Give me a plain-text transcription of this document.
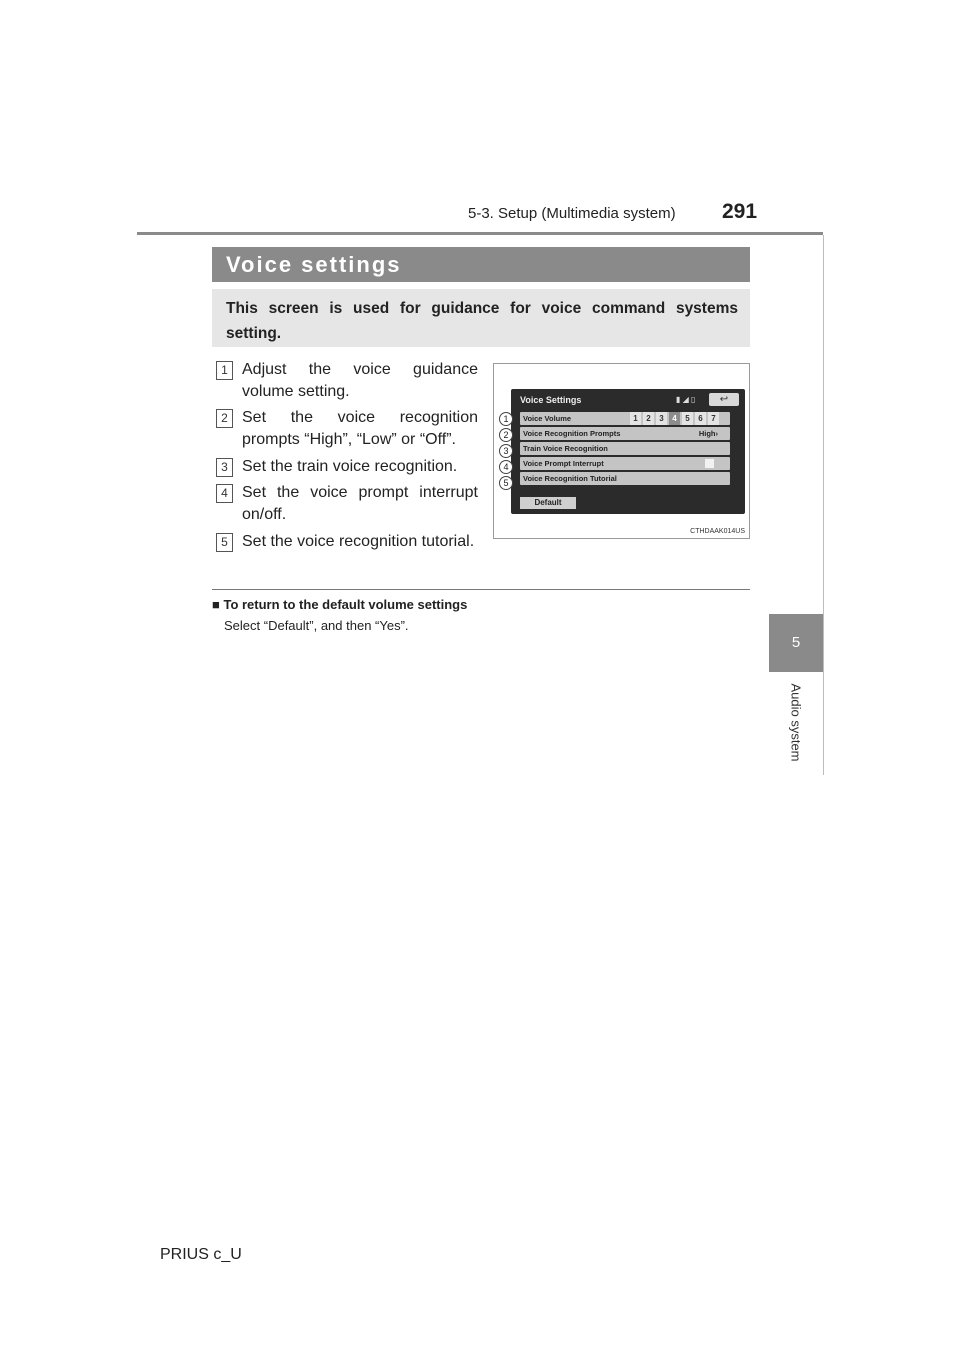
5-3. Setup (Multimedia system) 291
5
Audio system
Voice settings
This screen is used for guidance for voice command systems setting.
1 Adjust the voice guidance volume setting.
2 Set the voice recognition prompts “High”, “Low” or “Off”.
3 Set the train voice recognition.
4 Set the voice prompt interrupt on/off.
5 Set the voice recognition tutorial.
Voice Settings	▮ ◢ ▯	↩
Voice Volume	1	2	3	4	5	6	7
Voice Recognition Prompts	High›
Train Voice Recognition
Voice Prompt Interrupt
Voice Recognition Tutorial
Default
1
2
3
4
5
CTHDAAK014US
■ To return to the default volume settings
Select “Default”, and then “Yes”.
PRIUS c_U
